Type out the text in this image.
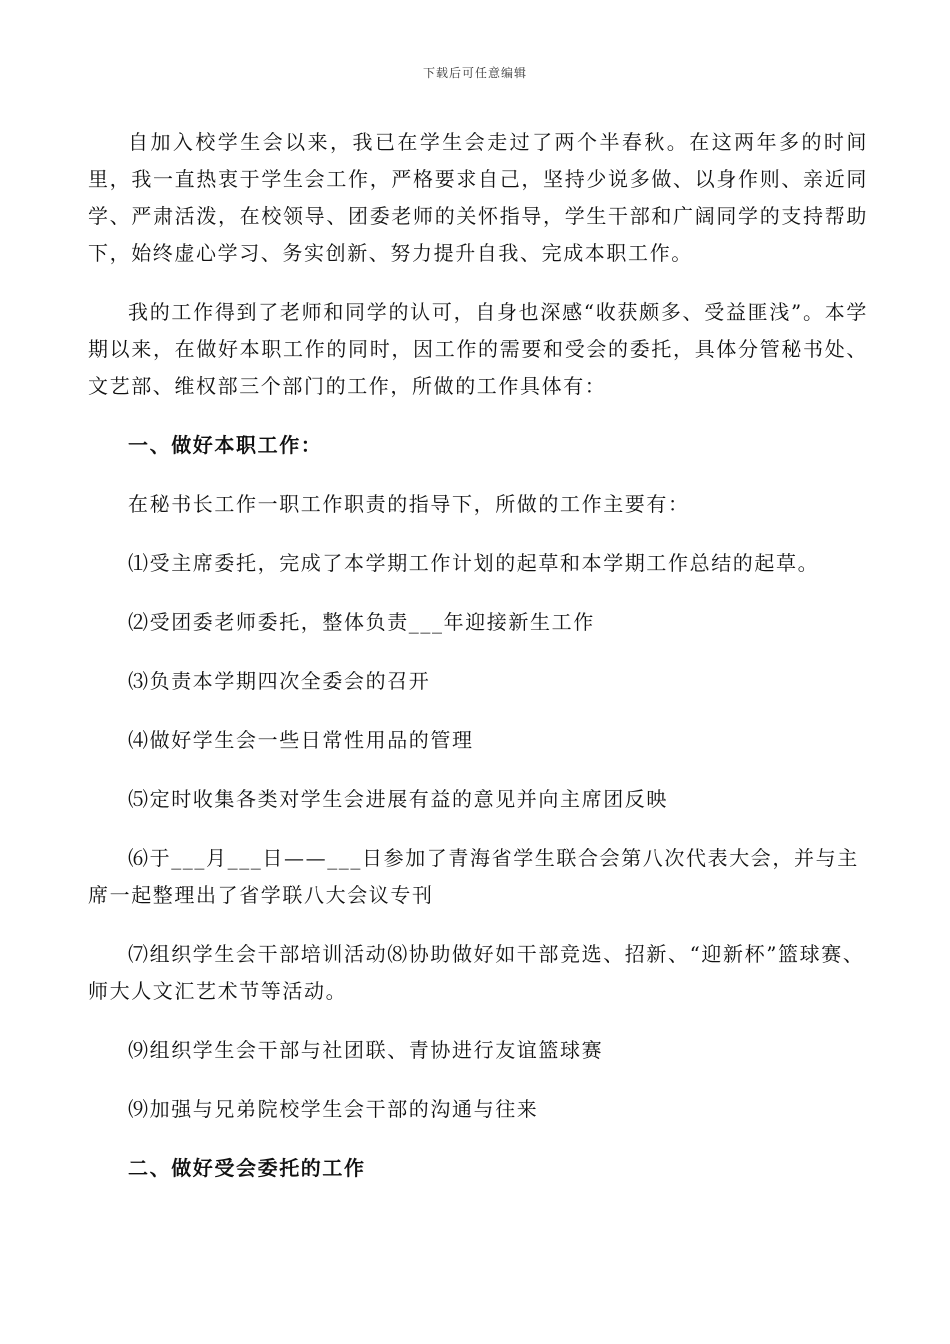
下载后可任意编辑

自加入校学生会以来，我已在学生会走过了两个半春秋。在这两年多的时间里，我一直热衷于学生会工作，严格要求自己，坚持少说多做、以身作则、亲近同学、严肃活泼，在校领导、团委老师的关怀指导，学生干部和广阔同学的支持帮助下，始终虚心学习、务实创新、努力提升自我、完成本职工作。

我的工作得到了老师和同学的认可，自身也深感“收获颇多、受益匪浅”。本学期以来，在做好本职工作的同时，因工作的需要和受会的委托，具体分管秘书处、文艺部、维权部三个部门的工作，所做的工作具体有：

一、做好本职工作：

在秘书长工作一职工作职责的指导下，所做的工作主要有：

⑴受主席委托，完成了本学期工作计划的起草和本学期工作总结的起草。

⑵受团委老师委托，整体负责___年迎接新生工作

⑶负责本学期四次全委会的召开

⑷做好学生会一些日常性用品的管理

⑸定时收集各类对学生会进展有益的意见并向主席团反映

⑹于___月___日——___日参加了青海省学生联合会第八次代表大会，并与主席一起整理出了省学联八大会议专刊

⑺组织学生会干部培训活动⑻协助做好如干部竞选、招新、“迎新杯”篮球赛、师大人文汇艺术节等活动。

⑼组织学生会干部与社团联、青协进行友谊篮球赛

⑼加强与兄弟院校学生会干部的沟通与往来

二、做好受会委托的工作
